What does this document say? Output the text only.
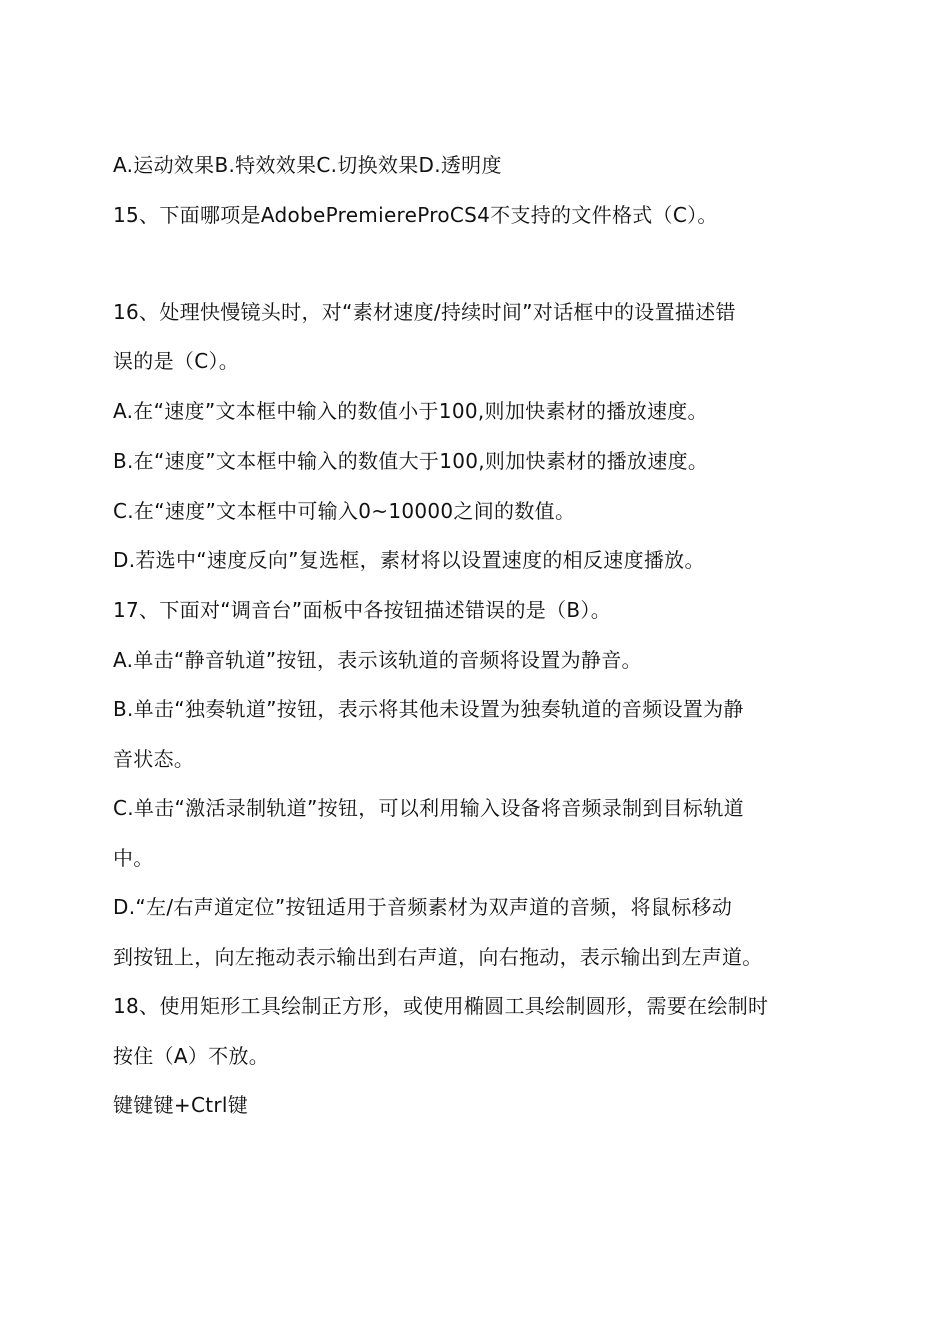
A.运动效果B.特效效果C.切换效果D.透明度
15、下面哪项是AdobePremiereProCS4不支持的文件格式（C）。
16、处理快慢镜头时，对“素材速度/持续时间”对话框中的设置描述错
误的是（C）。
A.在“速度”文本框中输入的数值小于100,则加快素材的播放速度。
B.在“速度”文本框中输入的数值大于100,则加快素材的播放速度。
C.在“速度”文本框中可输入0~10000之间的数值。
D.若选中“速度反向”复选框，素材将以设置速度的相反速度播放。
17、下面对“调音台”面板中各按钮描述错误的是（B）。
A.单击“静音轨道”按钮，表示该轨道的音频将设置为静音。
B.单击“独奏轨道”按钮，表示将其他未设置为独奏轨道的音频设置为静
音状态。
C.单击“激活录制轨道”按钮，可以利用输入设备将音频录制到目标轨道
中。
D.“左/右声道定位”按钮适用于音频素材为双声道的音频，将鼠标移动
到按钮上，向左拖动表示输出到右声道，向右拖动，表示输出到左声道。
18、使用矩形工具绘制正方形，或使用椭圆工具绘制圆形，需要在绘制时
按住（A）不放。
键键键+Ctrl键
